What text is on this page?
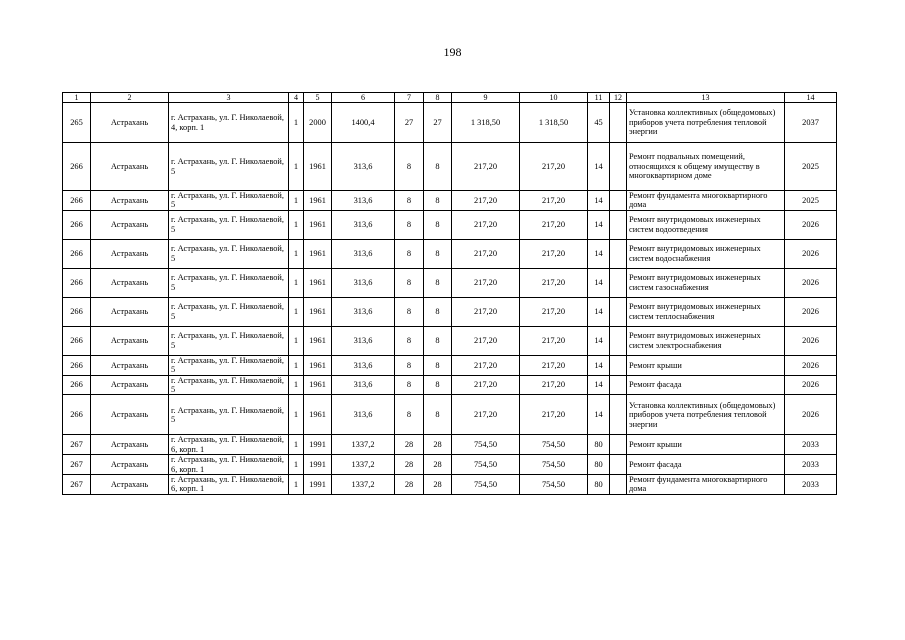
198
1	2	3	4	5	6	7	8	9	10	11	12	13	14
265	Астрахань	г. Астрахань, ул. Г. Николаевой, 4, корп. 1	1	2000	1400,4	27	27	1 318,50	1 318,50	45		Установка коллективных (общедомовых) приборов учета потребления тепловой энергии	2037
266	Астрахань	г. Астрахань, ул. Г. Николаевой, 5	1	1961	313,6	8	8	217,20	217,20	14		Ремонт подвальных помещений, относящихся к общему имуществу в многоквартирном доме	2025
266	Астрахань	г. Астрахань, ул. Г. Николаевой, 5	1	1961	313,6	8	8	217,20	217,20	14		Ремонт фундамента многоквартирного дома	2025
266	Астрахань	г. Астрахань, ул. Г. Николаевой, 5	1	1961	313,6	8	8	217,20	217,20	14		Ремонт внутридомовых инженерных систем водоотведения	2026
266	Астрахань	г. Астрахань, ул. Г. Николаевой, 5	1	1961	313,6	8	8	217,20	217,20	14		Ремонт внутридомовых инженерных систем водоснабжения	2026
266	Астрахань	г. Астрахань, ул. Г. Николаевой, 5	1	1961	313,6	8	8	217,20	217,20	14		Ремонт внутридомовых инженерных систем газоснабжения	2026
266	Астрахань	г. Астрахань, ул. Г. Николаевой, 5	1	1961	313,6	8	8	217,20	217,20	14		Ремонт внутридомовых инженерных систем теплоснабжения	2026
266	Астрахань	г. Астрахань, ул. Г. Николаевой, 5	1	1961	313,6	8	8	217,20	217,20	14		Ремонт внутридомовых инженерных систем электроснабжения	2026
266	Астрахань	г. Астрахань, ул. Г. Николаевой, 5	1	1961	313,6	8	8	217,20	217,20	14		Ремонт крыши	2026
266	Астрахань	г. Астрахань, ул. Г. Николаевой, 5	1	1961	313,6	8	8	217,20	217,20	14		Ремонт фасада	2026
266	Астрахань	г. Астрахань, ул. Г. Николаевой, 5	1	1961	313,6	8	8	217,20	217,20	14		Установка коллективных (общедомовых) приборов учета потребления тепловой энергии	2026
267	Астрахань	г. Астрахань, ул. Г. Николаевой, 6, корп. 1	1	1991	1337,2	28	28	754,50	754,50	80		Ремонт крыши	2033
267	Астрахань	г. Астрахань, ул. Г. Николаевой, 6, корп. 1	1	1991	1337,2	28	28	754,50	754,50	80		Ремонт фасада	2033
267	Астрахань	г. Астрахань, ул. Г. Николаевой, 6, корп. 1	1	1991	1337,2	28	28	754,50	754,50	80		Ремонт фундамента многоквартирного дома	2033
